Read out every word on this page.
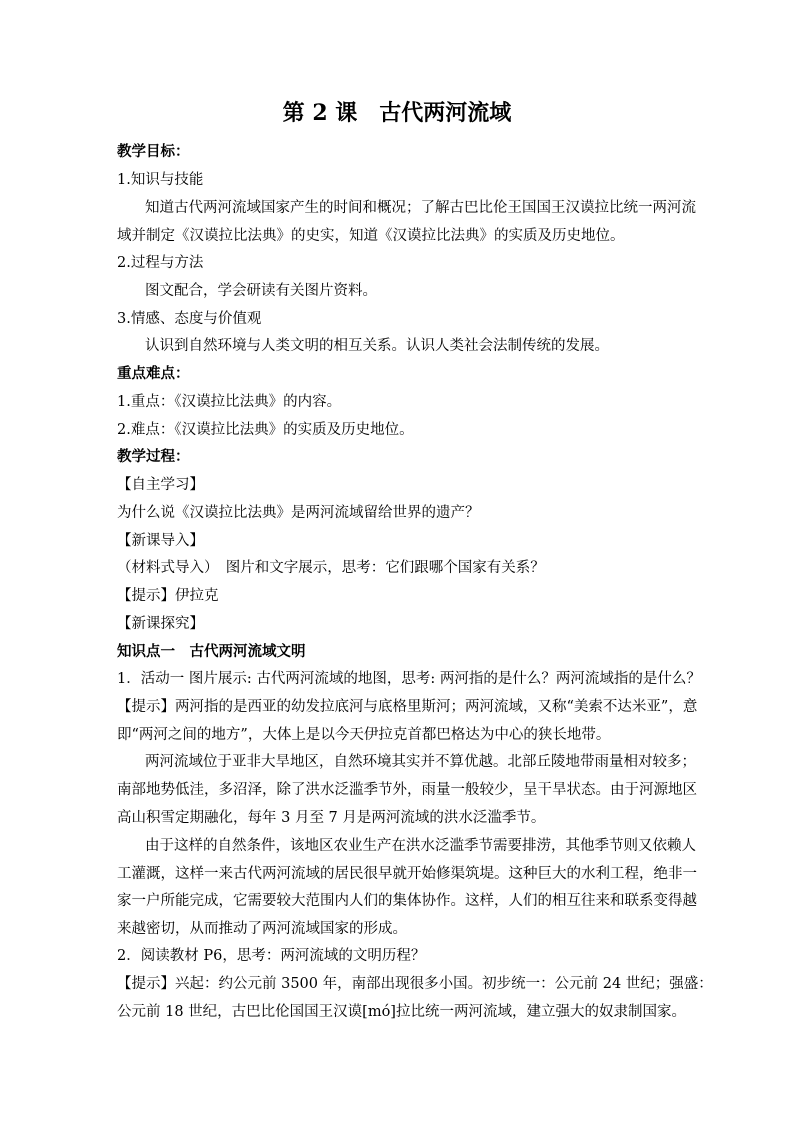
第 2 课　古代两河流域
教学目标：
1.知识与技能
知道古代两河流域国家产生的时间和概况；了解古巴比伦王国国王汉谟拉比统一两河流
域并制定《汉谟拉比法典》的史实，知道《汉谟拉比法典》的实质及历史地位。
2.过程与方法
图文配合，学会研读有关图片资料。
3.情感、态度与价值观
认识到自然环境与人类文明的相互关系。认识人类社会法制传统的发展。
重点难点：
1.重点：《汉谟拉比法典》的内容。
2.难点：《汉谟拉比法典》的实质及历史地位。
教学过程：
【自主学习】
为什么说《汉谟拉比法典》是两河流域留给世界的遗产？
【新课导入】
（材料式导入）　图片和文字展示，思考：它们跟哪个国家有关系？
【提示】伊拉克
【新课探究】
知识点一　古代两河流域文明
1．活动一 图片展示: 古代两河流域的地图，思考: 两河指的是什么？两河流域指的是什么？
【提示】两河指的是西亚的幼发拉底河与底格里斯河；两河流域，又称“美索不达米亚”，意
即“两河之间的地方”，大体上是以今天伊拉克首都巴格达为中心的狭长地带。
两河流域位于亚非大旱地区，自然环境其实并不算优越。北部丘陵地带雨量相对较多；
南部地势低洼，多沼泽，除了洪水泛滥季节外，雨量一般较少，呈干旱状态。由于河源地区
高山积雪定期融化，每年 3 月至 7 月是两河流域的洪水泛滥季节。
由于这样的自然条件，该地区农业生产在洪水泛滥季节需要排涝，其他季节则又依赖人
工灌溉，这样一来古代两河流域的居民很早就开始修渠筑堤。这种巨大的水利工程，绝非一
家一户所能完成，它需要较大范围内人们的集体协作。这样，人们的相互往来和联系变得越
来越密切，从而推动了两河流域国家的形成。
2．阅读教材 P6，思考：两河流域的文明历程？
【提示】兴起：约公元前 3500 年，南部出现很多小国。初步统一：公元前 24 世纪；强盛：
公元前 18 世纪，古巴比伦国国王汉谟[mó]拉比统一两河流域，建立强大的奴隶制国家。
